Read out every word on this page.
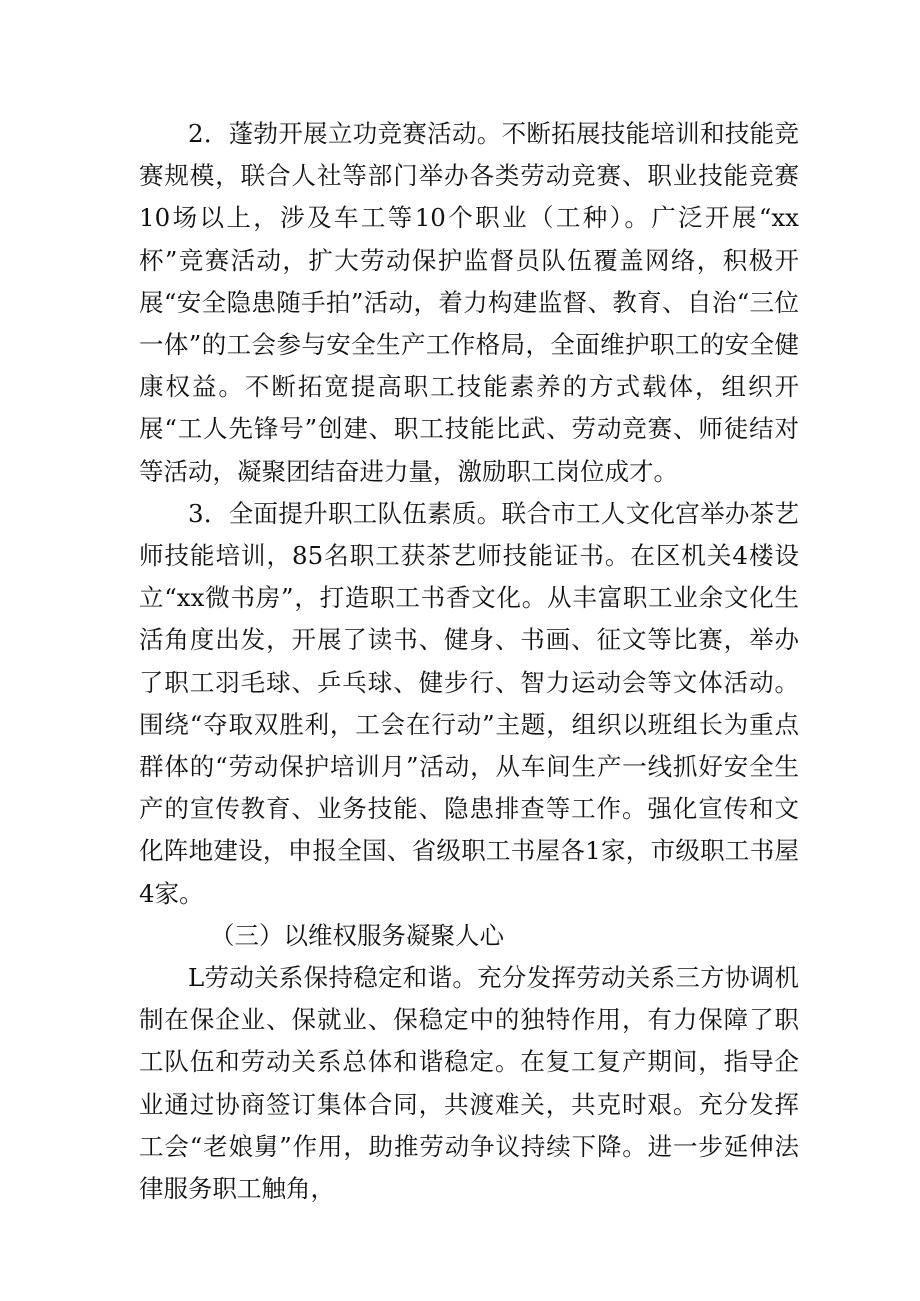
2．蓬勃开展立功竞赛活动。不断拓展技能培训和技能竞赛规模，联合人社等部门举办各类劳动竞赛、职业技能竞赛10场以上，涉及车工等10个职业（工种）。广泛开展“xx杯”竞赛活动，扩大劳动保护监督员队伍覆盖网络，积极开展“安全隐患随手拍”活动，着力构建监督、教育、自治“三位一体”的工会参与安全生产工作格局，全面维护职工的安全健康权益。不断拓宽提高职工技能素养的方式载体，组织开展“工人先锋号”创建、职工技能比武、劳动竞赛、师徒结对等活动，凝聚团结奋进力量，激励职工岗位成才。

3．全面提升职工队伍素质。联合市工人文化宫举办茶艺师技能培训，85名职工获茶艺师技能证书。在区机关4楼设立“xx微书房”，打造职工书香文化。从丰富职工业余文化生活角度出发，开展了读书、健身、书画、征文等比赛，举办了职工羽毛球、乒乓球、健步行、智力运动会等文体活动。围绕“夺取双胜利，工会在行动”主题，组织以班组长为重点群体的“劳动保护培训月”活动，从车间生产一线抓好安全生产的宣传教育、业务技能、隐患排查等工作。强化宣传和文化阵地建设，申报全国、省级职工书屋各1家，市级职工书屋4家。

（三）以维权服务凝聚人心

L劳动关系保持稳定和谐。充分发挥劳动关系三方协调机制在保企业、保就业、保稳定中的独特作用，有力保障了职工队伍和劳动关系总体和谐稳定。在复工复产期间，指导企业通过协商签订集体合同，共渡难关，共克时艰。充分发挥工会“老娘舅”作用，助推劳动争议持续下降。进一步延伸法律服务职工触角，
